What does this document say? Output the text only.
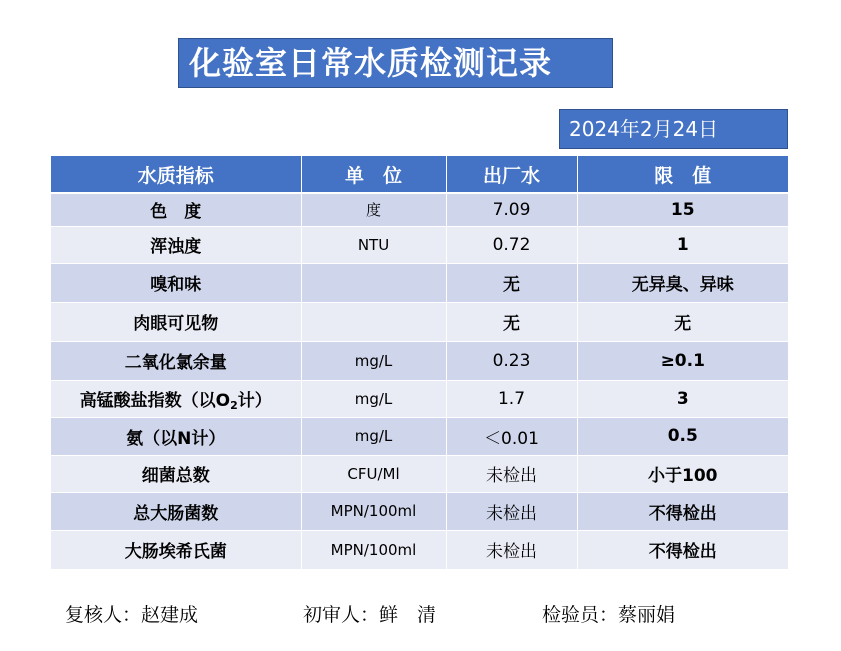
化验室日常水质检测记录
2024年2月24日
水质指标	单　位	出厂水	限　值
色　度	度	7.09	15
浑浊度	NTU	0.72	1
嗅和味		无	无异臭、异味
肉眼可见物		无	无
二氧化氯余量	mg/L	0.23	≥0.1
高锰酸盐指数（以$O_2$计）	mg/L	1.7	3
氨（以N计）	mg/L	＜0.01	0.5
细菌总数	CFU/Ml	未检出	小于100
总大肠菌数	MPN/100ml	未检出	不得检出
大肠埃希氏菌	MPN/100ml	未检出	不得检出
复核人：赵建成	初审人：鲜　清	检验员：蔡丽娟
